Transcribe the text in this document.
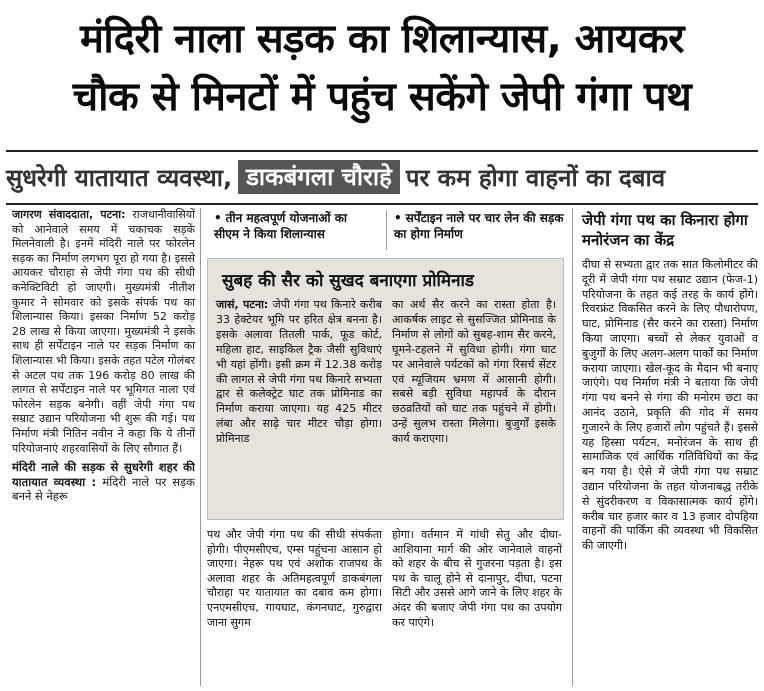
मंदिरी नाला सड़क का शिलान्यास, आयकर
चौक से मिनटों में पहुंच सकेंगे जेपी गंगा पथ
सुधरेगी यातायात व्यवस्था, डाकबंगला चौराहे पर कम होगा वाहनों का दबाव

जागरण संवाददाता, पटना: राजधानीवासियों को आनेवाले समय में चकाचक सड़कें मिलनेवाली है। इनमें मंदिरी नाले पर फोरलेन सड़क का निर्माण लगभग पूरा हो गया है। इससे आयकर चौराहा से जेपी गंगा पथ की सीधी कनेक्टिविटी हो जाएगी। मुख्यमंत्री नीतीश कुमार ने सोमवार को इसके संपर्क पथ का शिलान्यास किया। इसका निर्माण 52 करोड़ 28 लाख से किया जाएगा। मुख्यमंत्री ने इसके साथ ही सर्पेंटाइन नाले पर सड़क निर्माण का शिलान्यास भी किया। इसके तहत पटेल गोलंबर से अटल पथ तक 196 करोड़ 80 लाख की लागत से सर्पेंटाइन नाले पर भूमिगत नाला एवं फोरलेन सड़क बनेगी। वहीं जेपी गंगा पथ सम्राट उद्यान परियोजना भी शुरू की गई। पथ निर्माण मंत्री नितिन नवीन ने कहा कि ये तीनों परियोजनाएं शहरवासियों के लिए सौगात हैं।

मंदिरी नाले की सड़क से सुधरेगी शहर की यातायात व्यवस्था : मंदिरी नाले पर सड़क बनने से नेहरू

• तीन महत्वपूर्ण योजनाओं का सीएम ने किया शिलान्यास
• सर्पेंटाइन नाले पर चार लेन की सड़क का होगा निर्माण
सुबह की सैर को सुखद बनाएगा प्रोमिनाड
जासं, पटना: जेपी गंगा पथ किनारे करीब 33 हेक्टेयर भूमि पर हरित क्षेत्र बनना है। इसके अलावा तितली पार्क, फूड कोर्ट, महिला हाट, साइकिल ट्रैक जैसी सुविधाएं भी यहां होंगी। इसी क्रम में 12.38 करोड़ की लागत से जेपी गंगा पथ किनारे सभ्यता द्वार से कलेक्ट्रेट घाट तक प्रोमिनाड का निर्माण कराया जाएगा। यह 425 मीटर लंबा और साढ़े चार मीटर चौड़ा होगा। प्रोमिनाड
का अर्थ सैर करने का रास्ता होता है। आकर्षक लाइट से सुसज्जित प्रोमिनाड के निर्माण से लोगों को सुबह-शाम सैर करने, घूमने-टहलने में सुविधा होगी। गंगा घाट पर आनेवाले पर्यटकों को गंगा रिसर्च सेंटर एवं म्यूजियम भ्रमण में आसानी होगी। सबसे बड़ी सुविधा महापर्व के दौरान छठव्रतियों को घाट तक पहुंचने में होगी। उन्हें सुलभ रास्ता मिलेगा। बुजुर्गों इसके कार्य कराएगा।
पथ और जेपी गंगा पथ की सीधी संपर्कता होगी। पीएमसीएच, एम्स पहुंचना आसान हो जाएगा। नेहरू पथ एवं अशोक राजपथ के अलावा शहर के अतिमहत्वपूर्ण डाकबंगला चौराहा पर यातायात का दबाव कम होगा। एनएमसीएच, गायघाट, कंगनघाट, गुरुद्वारा जाना सुगम
होगा। वर्तमान में गांधी सेतु और दीघा-आशियाना मार्ग की ओर जानेवाले वाहनों को शहर के बीच से गुजरना पड़ता है। इस पथ के चालू होने से दानापुर, दीघा, पटना सिटी और उससे आगे जाने के लिए शहर के अंदर की बजाए जेपी गंगा पथ का उपयोग कर पाएंगे।
जेपी गंगा पथ का किनारा होगा मनोरंजन का केंद्र
दीघा से सभ्यता द्वार तक सात किलोमीटर की दूरी में जेपी गंगा पथ सम्राट उद्यान (फेज-1) परियोजना के तहत कई तरह के कार्य होंगे। रिवरफ्रंट विकसित करने के लिए पौधारोपण, घाट, प्रोमिनाड (सैर करने का रास्ता) निर्माण किया जाएगा। बच्चों से लेकर युवाओं व बुजुर्गों के लिए अलग-अलग पार्कों का निर्माण कराया जाएगा। खेल-कूद के मैदान भी बनाए जाएंगे। पथ निर्माण मंत्री ने बताया कि जेपी गंगा पथ बनने से गंगा की मनोरम छटा का आनंद उठाने, प्रकृति की गोद में समय गुजारने के लिए हजारों लोग पहुंचते हैं। इससे यह हिस्सा पर्यटन, मनोरंजन के साथ ही सामाजिक एवं आर्थिक गतिविधियों का केंद्र बन गया है। ऐसे में जेपी गंगा पथ सम्राट उद्यान परियोजना के तहत योजनाबद्ध तरीके से सुंदरीकरण व विकासात्मक कार्य होंगे। करीब चार हजार कार व 13 हजार दोपहिया वाहनों की पार्किंग की व्यवस्था भी विकसित की जाएगी।
